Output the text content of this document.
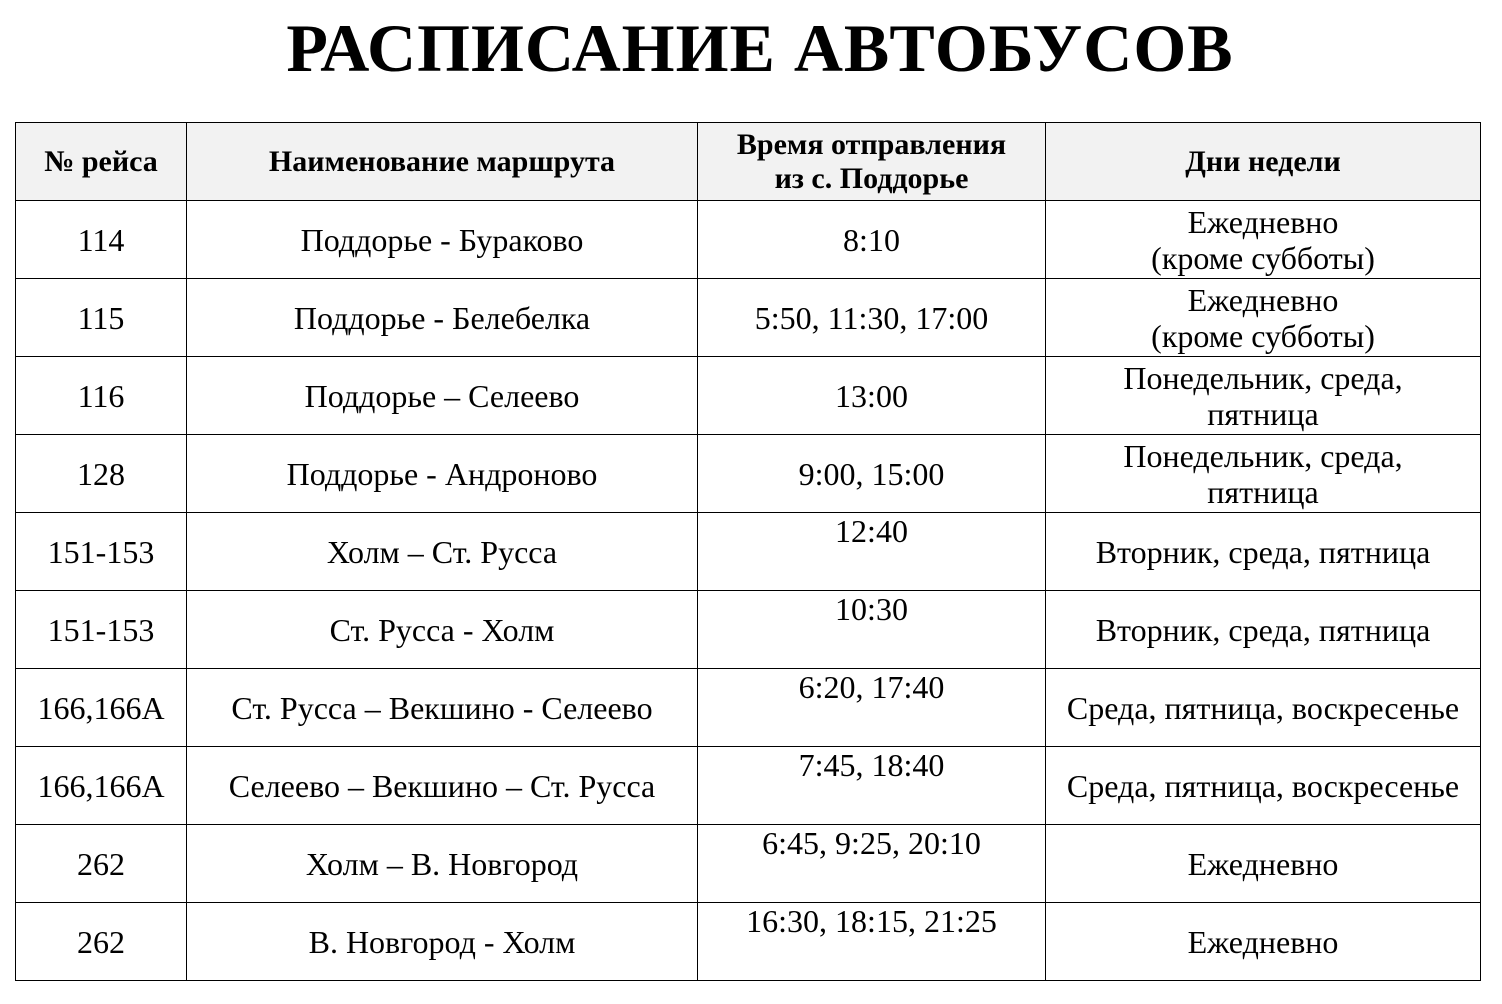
РАСПИСАНИЕ АВТОБУСОВ
№ рейса	Наименование маршрута	Время отправления
из с. Поддорье	Дни недели
114	Поддорье - Бураково	8:10	Ежедневно
(кроме субботы)
115	Поддорье - Белебелка	5:50, 11:30, 17:00	Ежедневно
(кроме субботы)
116	Поддорье – Селеево	13:00	Понедельник, среда,
пятница
128	Поддорье - Андроново	9:00, 15:00	Понедельник, среда,
пятница
151-153	Холм – Ст. Русса	12:40	Вторник, среда, пятница
151-153	Ст. Русса - Холм	10:30	Вторник, среда, пятница
166,166А	Ст. Русса – Векшино - Селеево	6:20, 17:40	Среда, пятница, воскресенье
166,166А	Селеево – Векшино – Ст. Русса	7:45, 18:40	Среда, пятница, воскресенье
262	Холм – В. Новгород	6:45, 9:25, 20:10	Ежедневно
262	В. Новгород - Холм	16:30, 18:15, 21:25	Ежедневно
